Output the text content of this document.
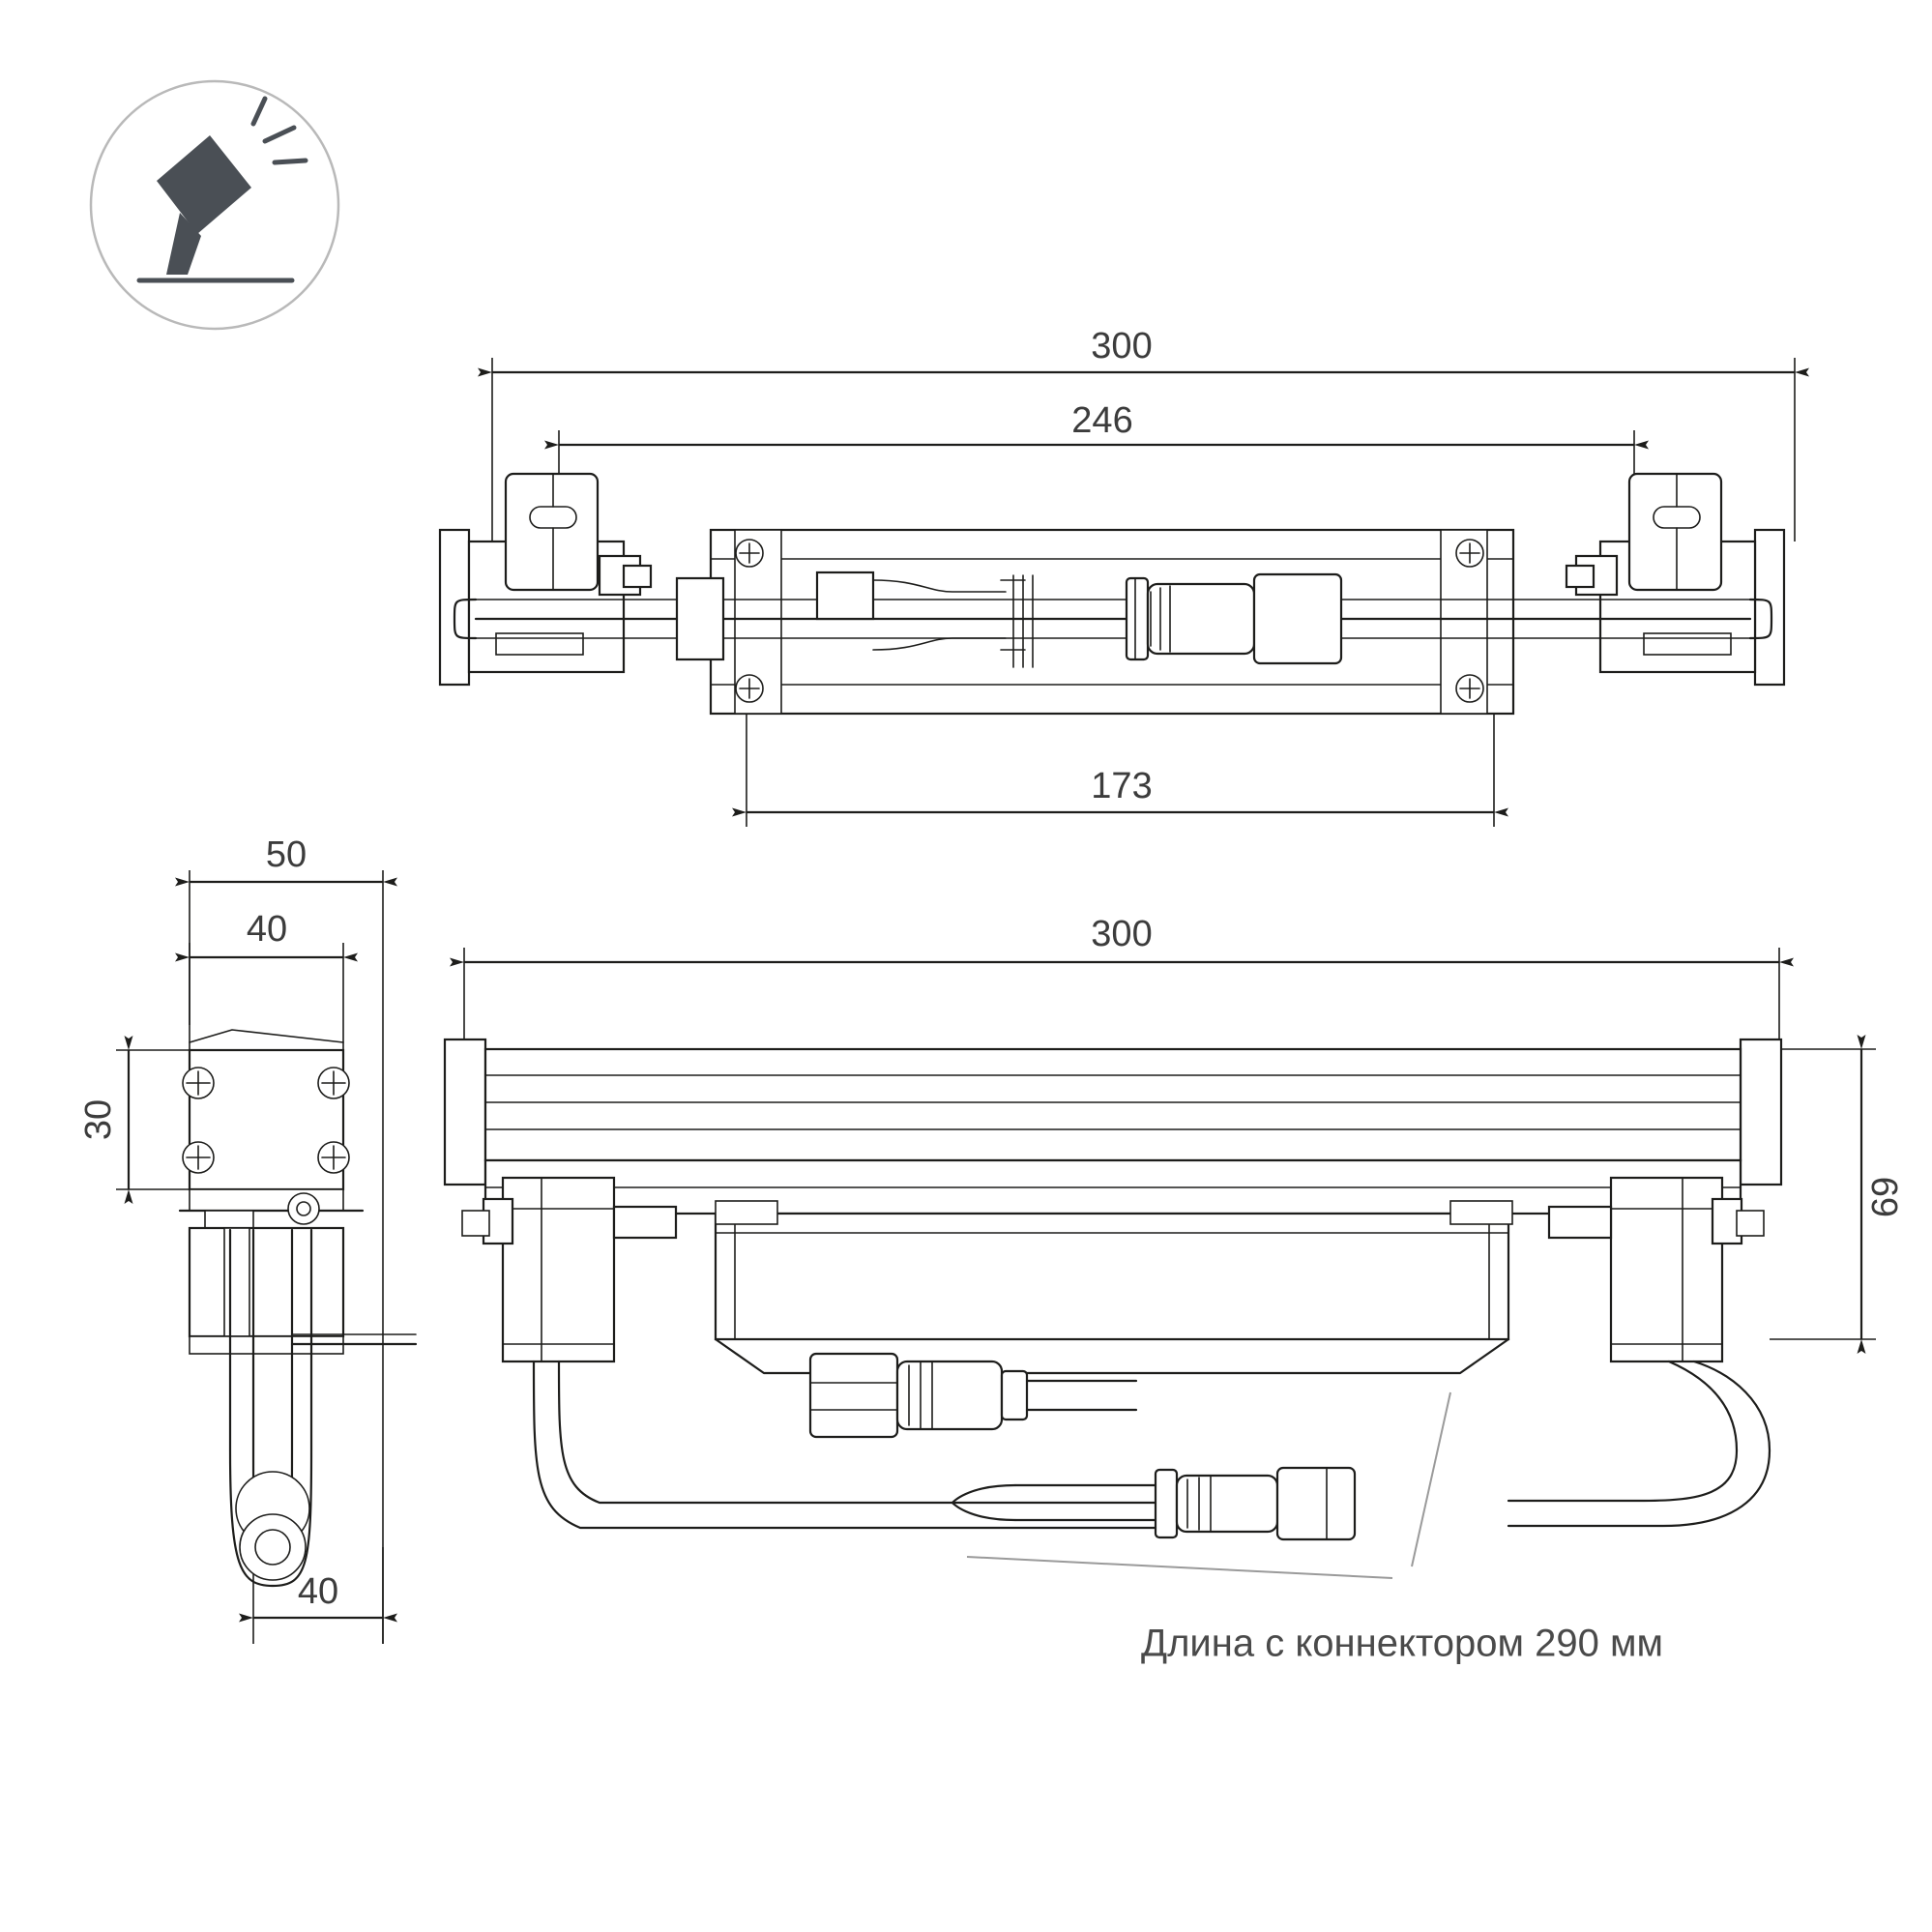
300
246
173
50
40
30
40
300
69
Длина с коннектором 290 мм
